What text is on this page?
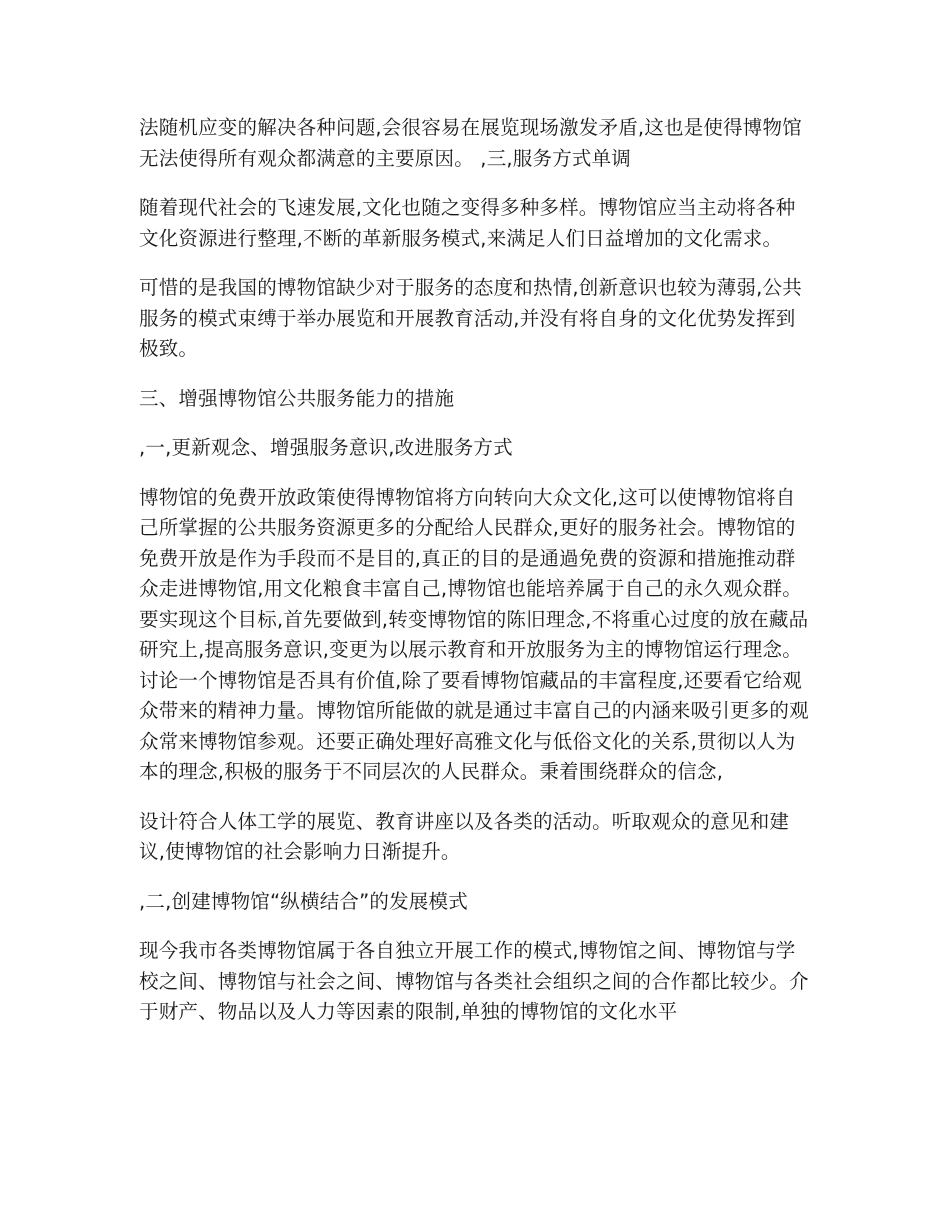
法随机应变的解决各种问题,会很容易在展览现场激发矛盾,这也是使得博物馆无法使得所有观众都满意的主要原因。 ,三,服务方式单调

随着现代社会的飞速发展,文化也随之变得多种多样。博物馆应当主动将各种文化资源进行整理,不断的革新服务模式,来满足人们日益增加的文化需求。

可惜的是我国的博物馆缺少对于服务的态度和热情,创新意识也较为薄弱,公共服务的模式束缚于举办展览和开展教育活动,并没有将自身的文化优势发挥到极致。

三、增强博物馆公共服务能力的措施

,一,更新观念、增强服务意识,改进服务方式

博物馆的免费开放政策使得博物馆将方向转向大众文化,这可以使博物馆将自己所掌握的公共服务资源更多的分配给人民群众,更好的服务社会。博物馆的免费开放是作为手段而不是目的,真正的目的是通過免费的资源和措施推动群众走进博物馆,用文化粮食丰富自己,博物馆也能培养属于自己的永久观众群。要实现这个目标,首先要做到,转变博物馆的陈旧理念,不将重心过度的放在藏品研究上,提高服务意识,变更为以展示教育和开放服务为主的博物馆运行理念。讨论一个博物馆是否具有价值,除了要看博物馆藏品的丰富程度,还要看它给观众带来的精神力量。博物馆所能做的就是通过丰富自己的内涵来吸引更多的观众常来博物馆参观。还要正确处理好高雅文化与低俗文化的关系,贯彻以人为本的理念,积极的服务于不同层次的人民群众。秉着围绕群众的信念,

设计符合人体工学的展览、教育讲座以及各类的活动。听取观众的意见和建议,使博物馆的社会影响力日渐提升。

,二,创建博物馆“纵横结合”的发展模式

现今我市各类博物馆属于各自独立开展工作的模式,博物馆之间、博物馆与学校之间、博物馆与社会之间、博物馆与各类社会组织之间的合作都比较少。介于财产、物品以及人力等因素的限制,单独的博物馆的文化水平
